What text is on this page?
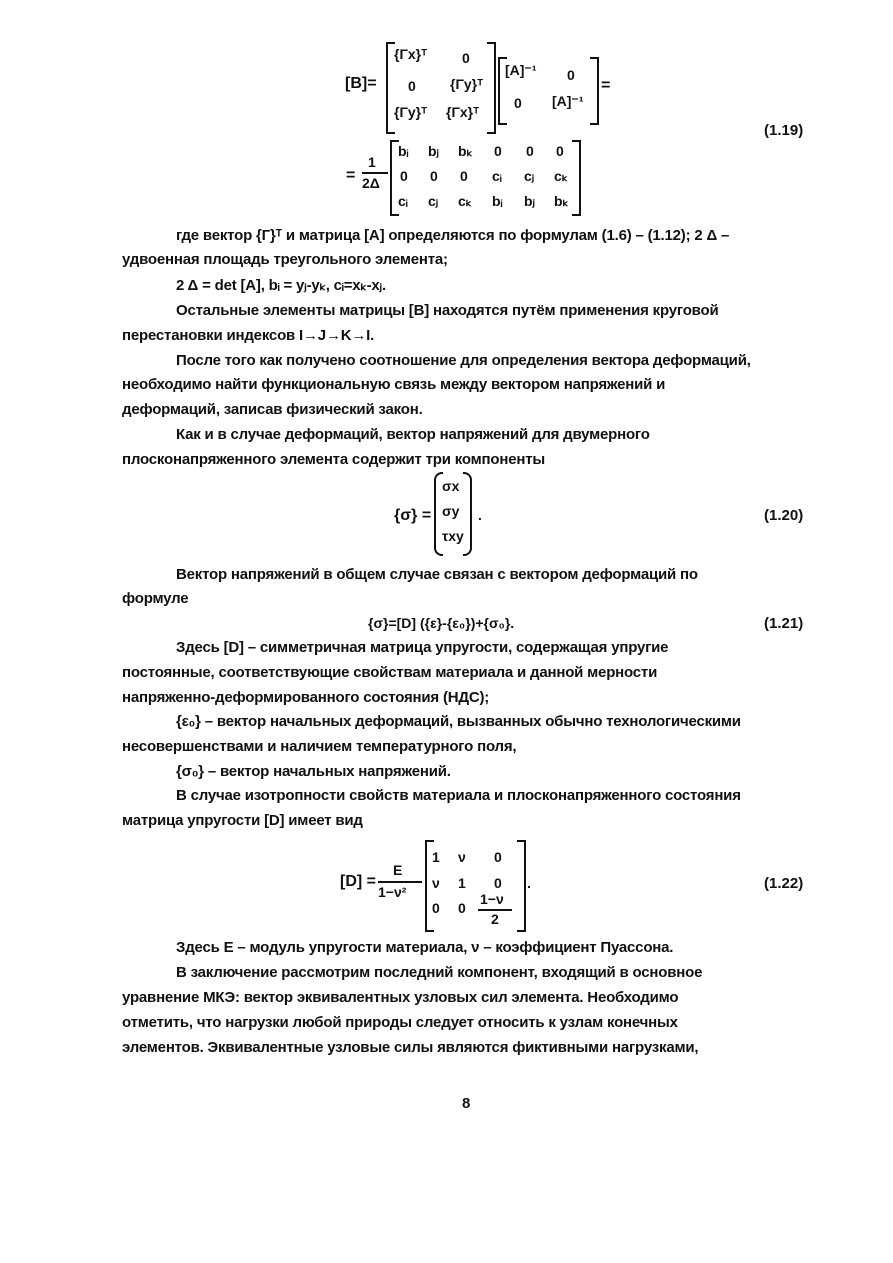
[B]=
{Γx}ᵀ 0
0 {Γy}ᵀ
{Γy}ᵀ {Γx}ᵀ
[A]⁻¹ 0
0 [A]⁻¹
=
=
1
2Δ
bᵢ bⱼ bₖ 0 0 0
0 0 0 cᵢ cⱼ cₖ
cᵢ cⱼ cₖ bᵢ bⱼ bₖ
(1.19)
где вектор {Г}ᵀ и матрица [А] определяются по формулам (1.6) – (1.12); 2 Δ –
удвоенная площадь треугольного элемента;
2 Δ = det [A], bᵢ = yⱼ-yₖ, cᵢ=xₖ-xⱼ.
Остальные элементы матрицы [B] находятся путём применения круговой
перестановки индексов I→J→K→I.
После того как получено соотношение для определения вектора деформаций,
необходимо найти функциональную связь между вектором напряжений и
деформаций, записав физический закон.
Как и в случае деформаций, вектор напряжений для двумерного
плосконапряженного элемента содержит три компоненты
{σ} =
σx
σy
τxy
.	(1.20)
Вектор напряжений в общем случае связан с вектором деформаций по
формуле
{σ}=[D] ({ε}-{ε₀})+{σ₀}.	(1.21)
Здесь [D] – симметричная матрица упругости, содержащая упругие
постоянные, соответствующие свойствам материала и данной мерности
напряженно-деформированного состояния (НДС);
{ε₀} – вектор начальных деформаций, вызванных обычно технологическими
несовершенствами и наличием температурного поля,
{σ₀} – вектор начальных напряжений.
В случае изотропности свойств материала и плосконапряженного состояния
матрица упругости [D] имеет вид
[D] =
E
1−ν²
1 ν 0
ν 1 0
0 0
1−ν
2
.	(1.22)
Здесь E – модуль упругости материала, ν – коэффициент Пуассона.
В заключение рассмотрим последний компонент, входящий в основное
уравнение МКЭ: вектор эквивалентных узловых сил элемента. Необходимо
отметить, что нагрузки любой природы следует относить к узлам конечных
элементов. Эквивалентные узловые силы являются фиктивными нагрузками,
8
